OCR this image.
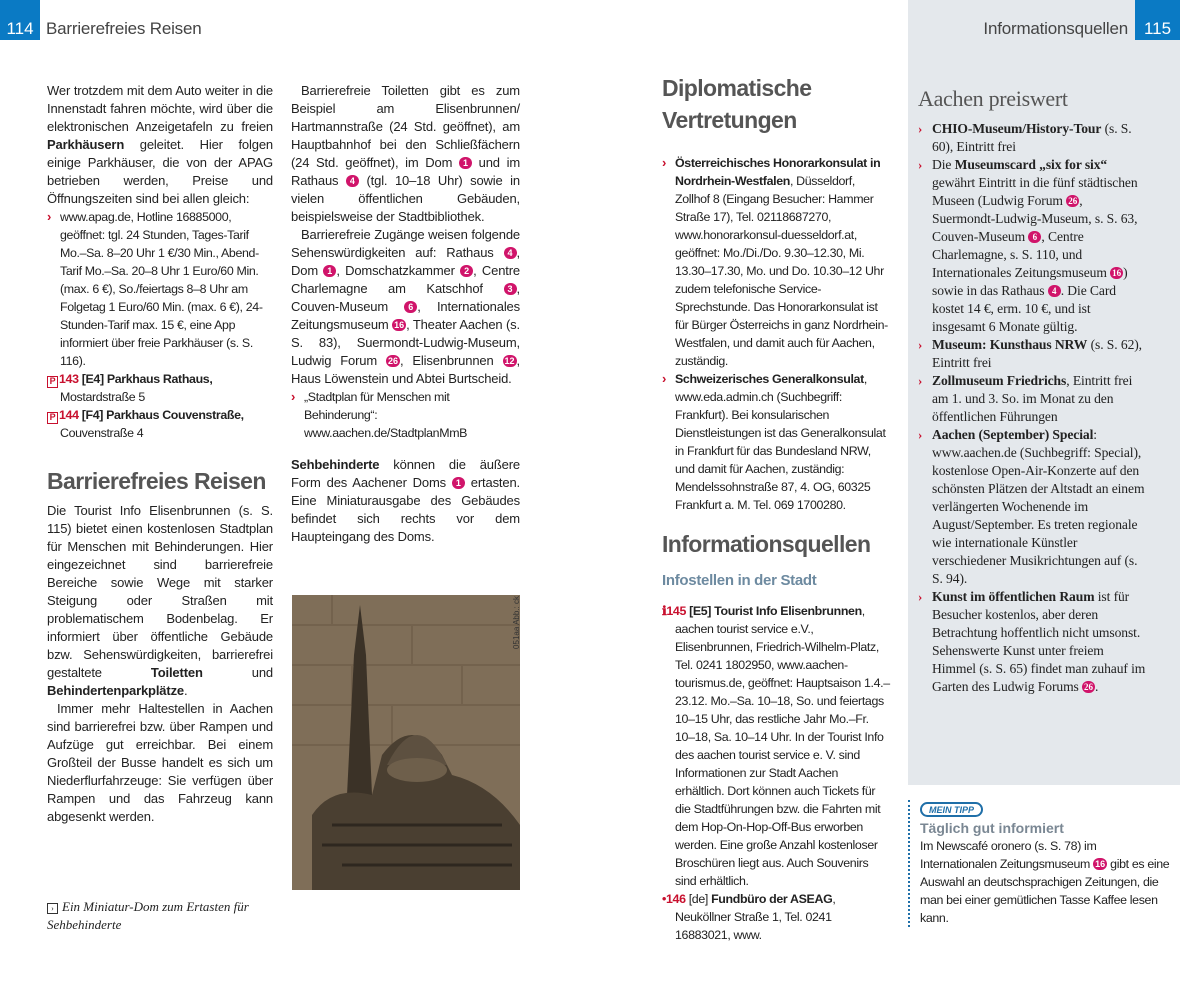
114 Barrierefreies Reisen	Informationsquellen 115

Wer trotzdem mit dem Auto weiter in die Innenstadt fahren möchte, wird über die elektronischen Anzeigetafeln zu freien Parkhäusern geleitet. Hier folgen einige Parkhäuser, die von der APAG betrieben werden, Preise und Öffnungszeiten sind bei allen gleich:

› www.apag.de, Hotline 16885000, geöffnet: tgl. 24 Stunden, Tages-Tarif Mo.–Sa. 8–20 Uhr 1 €/30 Min., Abend-Tarif Mo.–Sa. 20–8 Uhr 1 Euro/60 Min. (max. 6 €), So./feiertags 8–8 Uhr am Folgetag 1 Euro/60 Min. (max. 6 €), 24-Stunden-Tarif max. 15 €, eine App informiert über freie Parkhäuser (s. S. 116).
P 143 [E4] Parkhaus Rathaus,
Mostardstraße 5
P 144 [F4] Parkhaus Couvenstraße,
Couvenstraße 4
Barrierefreies Reisen

Die Tourist Info Elisenbrunnen (s. S. 115) bietet einen kostenlosen Stadtplan für Menschen mit Behinderungen. Hier eingezeichnet sind barrierefreie Bereiche sowie Wege mit starker Steigung oder Straßen mit problematischem Bodenbelag. Er informiert über öffentliche Gebäude bzw. Sehenswürdigkeiten, barrierefrei gestaltete Toiletten und Behindertenparkplätze.

Immer mehr Haltestellen in Aachen sind barrierefrei bzw. über Rampen und Aufzüge gut erreichbar. Bei einem Großteil der Busse handelt es sich um Niederflurfahrzeuge: Sie verfügen über Rampen und das Fahrzeug kann abgesenkt werden.

Barrierefreie Toiletten gibt es zum Beispiel am Elisenbrunnen/ Hartmannstraße (24 Std. geöffnet), am Hauptbahnhof bei den Schließfächern (24 Std. geöffnet), im Dom 1 und im Rathaus 4 (tgl. 10–18 Uhr) sowie in vielen öffentlichen Gebäuden, beispielsweise der Stadtbibliothek.

Barrierefreie Zugänge weisen folgende Sehenswürdigkeiten auf: Rathaus 4 , Dom 1 , Domschatzkammer 2 , Centre Charlemagne am Katschhof 3 , Couven-Museum 6 , Internationales Zeitungsmuseum 16 , Theater Aachen (s. S. 83), Suermondt-Ludwig-Museum, Ludwig Forum 26 , Elisenbrunnen 12 , Haus Löwenstein und Abtei Burtscheid.

› „Stadtplan für Menschen mit Behinderung“: www.aachen.de/StadtplanMmB

Sehbehinderte können die äußere Form des Aachener Doms 1 ertasten. Eine Miniaturausgabe des Gebäudes befindet sich rechts vor dem Haupteingang des Doms.

Diplomatische Vertretungen
› Österreichisches Honorarkonsulat in Nordrhein-Westfalen, Düsseldorf, Zollhof 8 (Eingang Besucher: Hammer Straße 17), Tel. 02118687270, www.honorarkonsul-duesseldorf.at, geöffnet: Mo./Di./Do. 9.30–12.30, Mi. 13.30–17.30, Mo. und Do. 10.30–12 Uhr zudem telefonische Service-Sprechstunde. Das Honorarkonsulat ist für Bürger Österreichs in ganz Nordrhein-Westfalen, und damit auch für Aachen, zuständig.
› Schweizerisches Generalkonsulat, www.eda.admin.ch (Suchbegriff: Frankfurt). Bei konsularischen Dienstleistungen ist das Generalkonsulat in Frankfurt für das Bundesland NRW, und damit für Aachen, zuständig: Mendelssohnstraße 87, 4. OG, 60325 Frankfurt a. M. Tel. 069 1700280.
Informationsquellen
Infostellen in der Stadt
ℹ145 [E5] Tourist Info Elisenbrunnen, aachen tourist service e.V., Elisenbrunnen, Friedrich-Wilhelm-Platz, Tel. 0241 1802950, www.aachen-tourismus.de, geöffnet: Hauptsaison 1.4.–23.12. Mo.–Sa. 10–18, So. und feiertags 10–15 Uhr, das restliche Jahr Mo.–Fr. 10–18, Sa. 10–14 Uhr. In der Tourist Info des aachen tourist service e. V. sind Informationen zur Stadt Aachen erhältlich. Dort können auch Tickets für die Stadtführungen bzw. die Fahrten mit dem Hop-On-Hop-Off-Bus erworben werden. Eine große Anzahl kostenloser Broschüren liegt aus. Auch Souvenirs sind erhältlich.
•146 [de] Fundbüro der ASEAG, Neuköllner Straße 1, Tel. 0241 16883021, www.
Aachen preiswert
› CHIO-Museum/History-Tour (s. S. 60), Eintritt frei
› Die Museumscard „six for six“ gewährt Eintritt in die fünf städtischen Museen (Ludwig Forum 26 , Suermondt-Ludwig-Museum, s. S. 63, Couven-Museum 6 , Centre Charlemagne, s. S. 110, und Internationales Zeitungsmuseum 16 ) sowie in das Rathaus 4 . Die Card kostet 14 €, erm. 10 €, und ist insgesamt 6 Monate gültig.
› Museum: Kunsthaus NRW (s. S. 62), Eintritt frei
› Zollmuseum Friedrichs, Eintritt frei am 1. und 3. So. im Monat zu den öffentlichen Führungen
› Aachen (September) Special: www.aachen.de (Suchbegriff: Special), kostenlose Open-Air-Konzerte auf den schönsten Plätzen der Altstadt an einem verlängerten Wochenende im August/September. Es treten regionale wie internationale Künstler verschiedener Musikrichtungen auf (s. S. 94).
› Kunst im öffentlichen Raum ist für Besucher kostenlos, aber deren Betrachtung hoffentlich nicht umsonst. Sehenswerte Kunst unter freiem Himmel (s. S. 65) findet man zuhauf im Garten des Ludwig Forums 26 .
051aa Abb.: ck
› Ein Miniatur-Dom zum Ertasten für Sehbehinderte
MEIN TIPP
Täglich gut informiert
Im Newscafé oronero (s. S. 78) im Internationalen Zeitungsmuseum 16 gibt es eine Auswahl an deutschsprachigen Zeitungen, die man bei einer gemütlichen Tasse Kaffee lesen kann.
